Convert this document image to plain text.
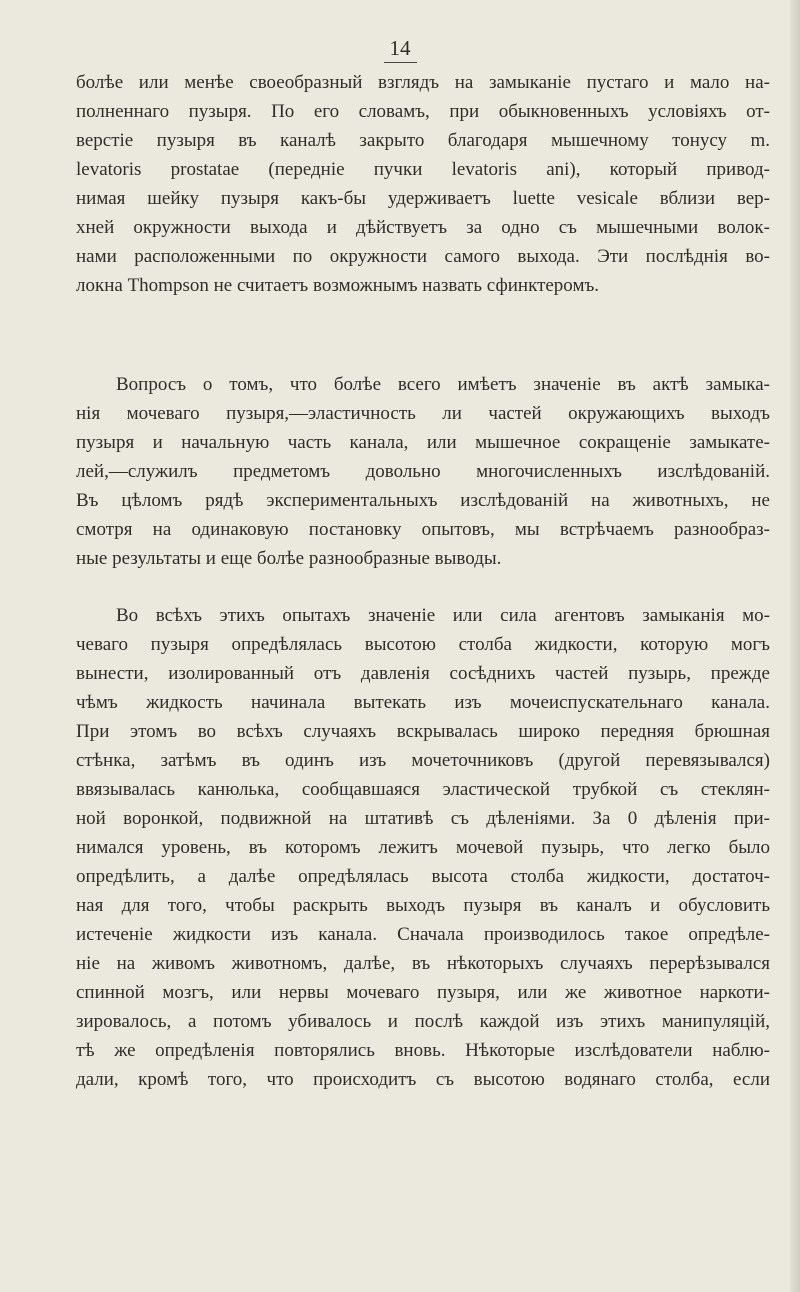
14
болѣе или менѣе своеобразный взглядъ на замыканіе пустаго и мало на-
полненнаго пузыря. По его словамъ, при обыкновенныхъ условіяхъ от-
верстіе пузыря въ каналѣ закрыто благодаря мышечному тонусу m.
levatoris prostatae (передніе пучки levatoris ani), который привод-
нимая шейку пузыря какъ-бы удерживаетъ luette vesicale вблизи вер-
хней окружности выхода и дѣйствуетъ за одно съ мышечными волок-
нами расположенными по окружности самого выхода. Эти послѣднія во-
локна Thompson не считаетъ возможнымъ назвать сфинктеромъ.
Вопросъ о томъ, что болѣе всего имѣетъ значеніе въ актѣ замыка-
нія мочеваго пузыря,—эластичность ли частей окружающихъ выходъ
пузыря и начальную часть канала, или мышечное сокращеніе замыкате-
лей,—служилъ предметомъ довольно многочисленныхъ изслѣдованій.
Въ цѣломъ рядѣ экспериментальныхъ изслѣдованій на животныхъ, не
смотря на одинаковую постановку опытовъ, мы встрѣчаемъ разнообраз-
ные результаты и еще болѣе разнообразные выводы.
Во всѣхъ этихъ опытахъ значеніе или сила агентовъ замыканія мо-
чеваго пузыря опредѣлялась высотою столба жидкости, которую могъ
вынести, изолированный отъ давленія сосѣднихъ частей пузырь, прежде
чѣмъ жидкость начинала вытекать изъ мочеиспускательнаго канала.
При этомъ во всѣхъ случаяхъ вскрывалась широко передняя брюшная
стѣнка, затѣмъ въ одинъ изъ мочеточниковъ (другой перевязывался)
ввязывалась канюлька, сообщавшаяся эластической трубкой съ стеклян-
ной воронкой, подвижной на штативѣ съ дѣленіями. За 0 дѣленія при-
нимался уровень, въ которомъ лежитъ мочевой пузырь, что легко было
опредѣлить, а далѣе опредѣлялась высота столба жидкости, достаточ-
ная для того, чтобы раскрыть выходъ пузыря въ каналъ и обусловить
истеченіе жидкости изъ канала. Сначала производилось такое опредѣле-
ніе на живомъ животномъ, далѣе, въ нѣкоторыхъ случаяхъ перерѣзывался
спинной мозгъ, или нервы мочеваго пузыря, или же животное наркоти-
зировалось, а потомъ убивалось и послѣ каждой изъ этихъ манипуляцій,
тѣ же опредѣленія повторялись вновь. Нѣкоторые изслѣдователи наблю-
дали, кромѣ того, что происходитъ съ высотою водянаго столба, если
